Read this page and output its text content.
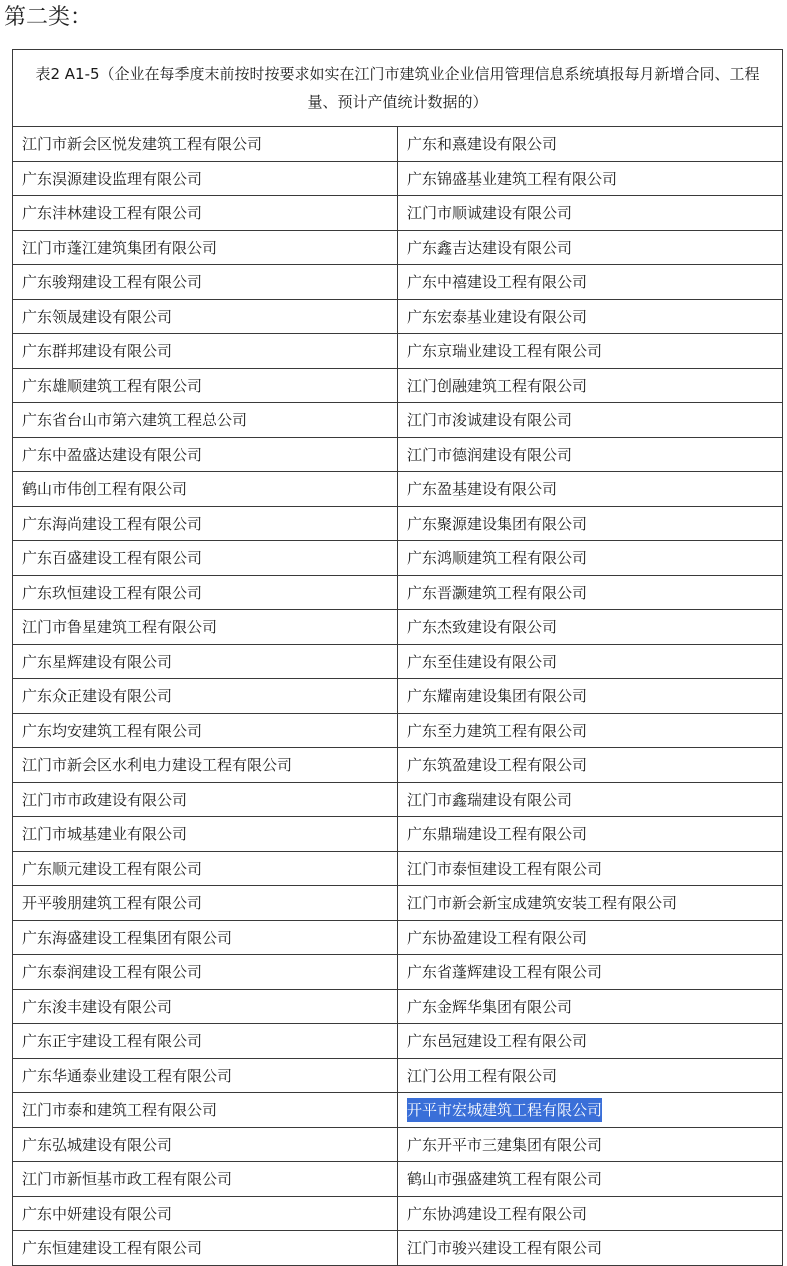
第二类：
表2 A1-5（企业在每季度末前按时按要求如实在江门市建筑业企业信用管理信息系统填报每月新增合同、工程量、预计产值统计数据的）	
江门市新会区悦发建筑工程有限公司	广东和熹建设有限公司
广东淏源建设监理有限公司	广东锦盛基业建筑工程有限公司
广东沣林建设工程有限公司	江门市顺诚建设有限公司
江门市蓬江建筑集团有限公司	广东鑫吉达建设有限公司
广东骏翔建设工程有限公司	广东中禧建设工程有限公司
广东领晟建设有限公司	广东宏泰基业建设有限公司
广东群邦建设有限公司	广东京瑞业建设工程有限公司
广东雄顺建筑工程有限公司	江门创融建筑工程有限公司
广东省台山市第六建筑工程总公司	江门市浚诚建设有限公司
广东中盈盛达建设有限公司	江门市德润建设有限公司
鹤山市伟创工程有限公司	广东盈基建设有限公司
广东海尚建设工程有限公司	广东聚源建设集团有限公司
广东百盛建设工程有限公司	广东鸿顺建筑工程有限公司
广东玖恒建设工程有限公司	广东晋灏建筑工程有限公司
江门市鲁星建筑工程有限公司	广东杰致建设有限公司
广东星辉建设有限公司	广东至佳建设有限公司
广东众正建设有限公司	广东耀南建设集团有限公司
广东均安建筑工程有限公司	广东至力建筑工程有限公司
江门市新会区水利电力建设工程有限公司	广东筑盈建设工程有限公司
江门市市政建设有限公司	江门市鑫瑞建设有限公司
江门市城基建业有限公司	广东鼎瑞建设工程有限公司
广东顺元建设工程有限公司	江门市泰恒建设工程有限公司
开平骏朋建筑工程有限公司	江门市新会新宝成建筑安装工程有限公司
广东海盛建设工程集团有限公司	广东协盈建设工程有限公司
广东泰润建设工程有限公司	广东省蓬辉建设工程有限公司
广东浚丰建设有限公司	广东金辉华集团有限公司
广东正宇建设工程有限公司	广东邑冠建设工程有限公司
广东华通泰业建设工程有限公司	江门公用工程有限公司
江门市泰和建筑工程有限公司	开平市宏城建筑工程有限公司
广东弘城建设有限公司	广东开平市三建集团有限公司
江门市新恒基市政工程有限公司	鹤山市强盛建筑工程有限公司
广东中妍建设有限公司	广东协鸿建设工程有限公司
广东恒建建设工程有限公司	江门市骏兴建设工程有限公司
